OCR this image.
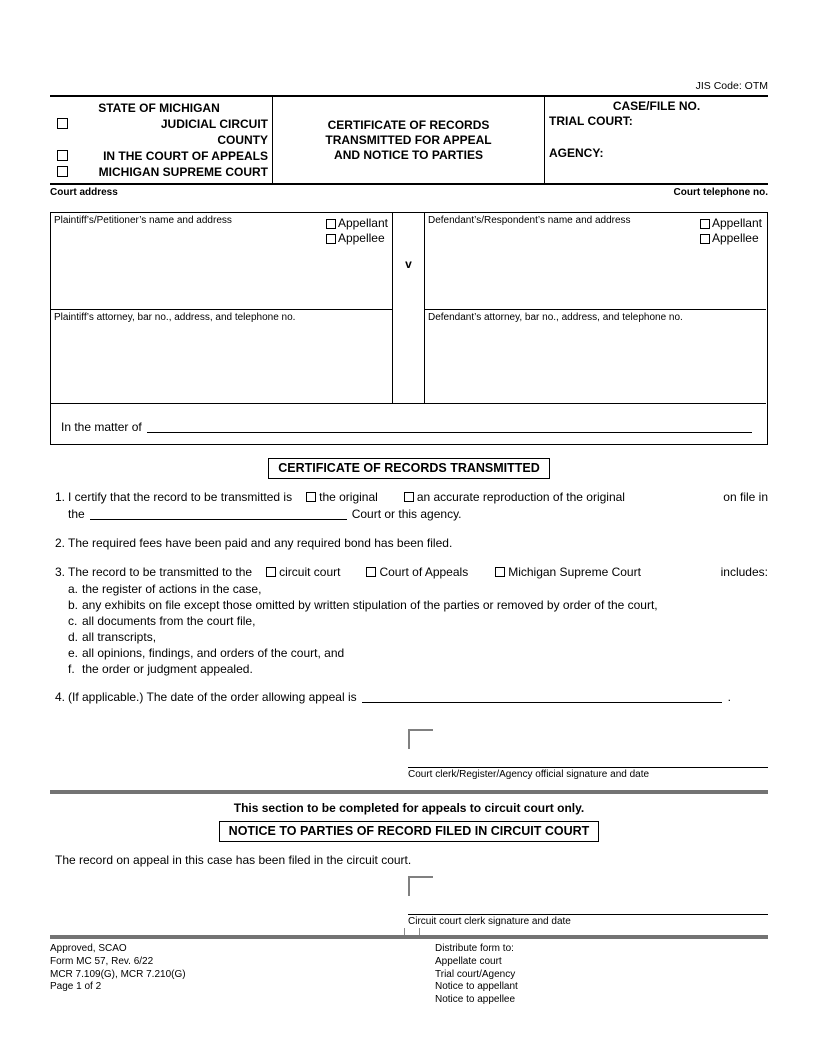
JIS Code: OTM
STATE OF MICHIGAN
JUDICIAL CIRCUIT
COUNTY
IN THE COURT OF APPEALS
MICHIGAN SUPREME COURT
CERTIFICATE OF RECORDS
TRANSMITTED FOR APPEAL
AND NOTICE TO PARTIES
CASE/FILE NO.
TRIAL COURT:
AGENCY:
Court address	Court telephone no.
Plaintiff’s/Petitioner’s name and address	Appellant
Appellee
v
Defendant’s/Respondent’s name and address	Appellant
Appellee
Plaintiff’s attorney, bar no., address, and telephone no.	Defendant’s attorney, bar no., address, and telephone no.
In the matter of
CERTIFICATE OF RECORDS TRANSMITTED
1. I certify that the record to be transmitted is the original	an accurate reproduction of the original	on file in
the	Court or this agency.
2. The required fees have been paid and any required bond has been filed.
3. The record to be transmitted to the circuit court	Court of Appeals	Michigan Supreme Court	includes:
a. the register of actions in the case,
b. any exhibits on file except those omitted by written stipulation of the parties or removed by order of the court,
c. all documents from the court file,
d. all transcripts,
e. all opinions, findings, and orders of the court, and
f. the order or judgment appealed.
4. (If applicable.) The date of the order allowing appeal is	.
Court clerk/Register/Agency official signature and date
This section to be completed for appeals to circuit court only.
NOTICE TO PARTIES OF RECORD FILED IN CIRCUIT COURT
The record on appeal in this case has been filed in the circuit court.
Circuit court clerk signature and date
Approved, SCAO
Form MC 57, Rev. 6/22
MCR 7.109(G), MCR 7.210(G)
Page 1 of 2
Distribute form to:
Appellate court
Trial court/Agency
Notice to appellant
Notice to appellee
